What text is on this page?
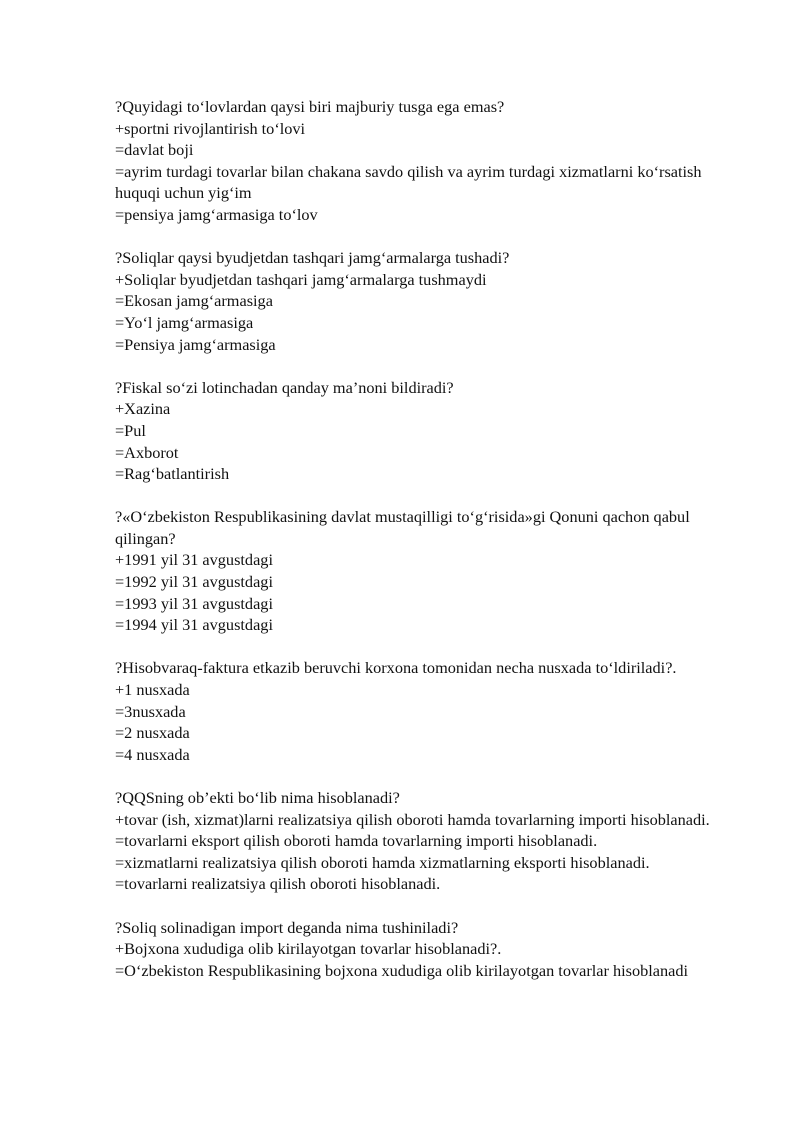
?Quyidagi to‘lovlardan qaysi biri majburiy tusga ega emas?
+sportni rivojlantirish to‘lovi
=davlat boji
=ayrim turdagi tovarlar bilan chakana savdo qilish va ayrim turdagi xizmatlarni ko‘rsatish huquqi uchun yig‘im
=pensiya jamg‘armasiga to‘lov
?Soliqlar qaysi byudjetdan tashqari jamg‘armalarga tushadi?
+Soliqlar byudjetdan tashqari jamg‘armalarga tushmaydi
=Ekosan jamg‘armasiga
=Yo‘l jamg‘armasiga
=Pensiya jamg‘armasiga
?Fiskal so‘zi lotinchadan qanday ma’noni bildiradi?
+Xazina
=Pul
=Axborot
=Rag‘batlantirish
?«O‘zbekiston Respublikasining davlat mustaqilligi to‘g‘risida»gi Qonuni qachon qabul qilingan?
+1991 yil 31 avgustdagi
=1992 yil 31 avgustdagi
=1993 yil 31 avgustdagi
=1994 yil 31 avgustdagi
?Hisobvaraq-faktura etkazib beruvchi korxona tomonidan necha nusxada to‘ldiriladi?.
+1 nusxada
=3nusxada
=2 nusxada
=4 nusxada
?QQSning ob’ekti bo‘lib nima hisoblanadi?
+tovar (ish, xizmat)larni realizatsiya qilish oboroti hamda tovarlarning importi hisoblanadi.
=tovarlarni eksport qilish oboroti hamda tovarlarning importi hisoblanadi.
=xizmatlarni realizatsiya qilish oboroti hamda xizmatlarning eksporti hisoblanadi.
=tovarlarni realizatsiya qilish oboroti hisoblanadi.
?Soliq solinadigan import deganda nima tushiniladi?
+Bojxona xududiga olib kirilayotgan tovarlar hisoblanadi?.
=O‘zbekiston Respublikasining bojxona xududiga olib kirilayotgan tovarlar hisoblanadi
